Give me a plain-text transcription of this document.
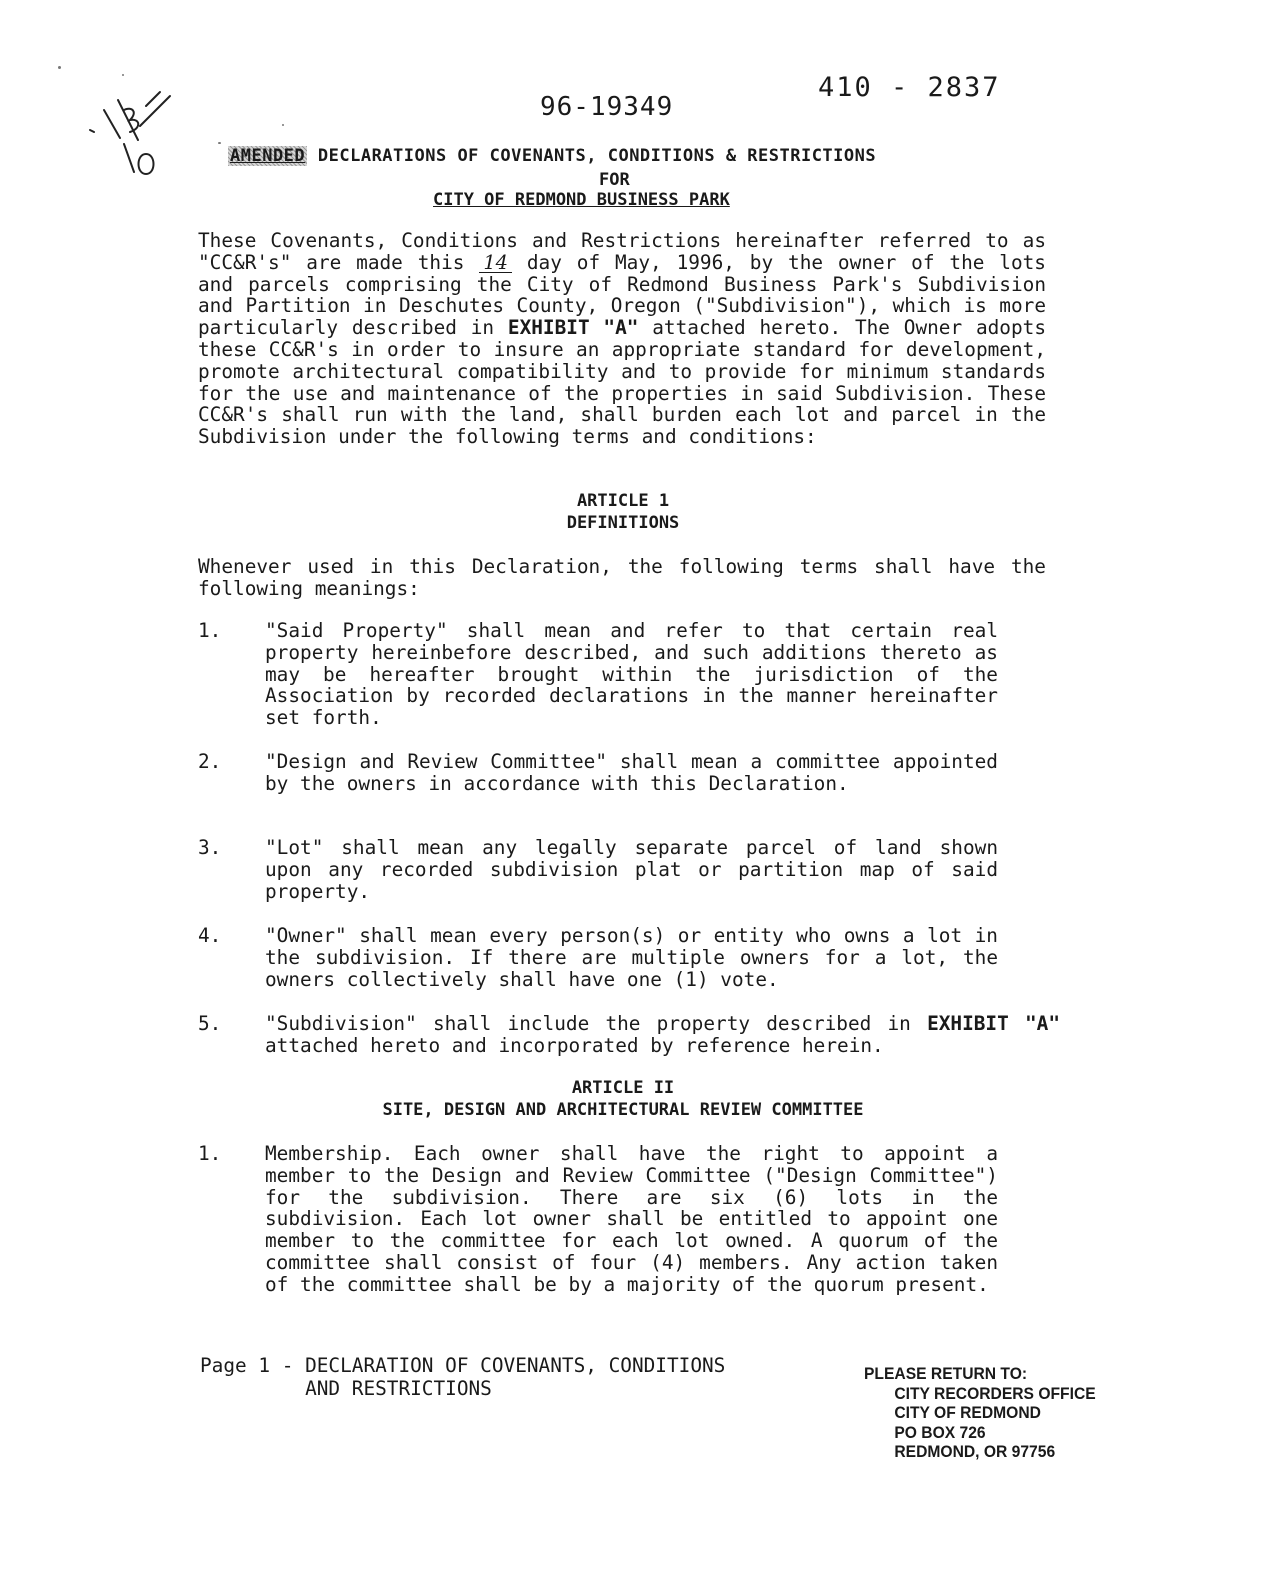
96-19349
410 - 2837
AMENDED DECLARATIONS OF COVENANTS, CONDITIONS & RESTRICTIONS
FOR
CITY OF REDMOND BUSINESS PARK

These Covenants, Conditions and Restrictions hereinafter referred to as "CC&R's" are made this 14 day of May, 1996, by the owner of the lots and parcels comprising the City of Redmond Business Park's Subdivision and Partition in Deschutes County, Oregon ("Subdivision"), which is more particularly described in EXHIBIT "A" attached hereto. The Owner adopts these CC&R's in order to insure an appropriate standard for development, promote architectural compatibility and to provide for minimum standards for the use and maintenance of the properties in said Subdivision. These CC&R's shall run with the land, shall burden each lot and parcel in the Subdivision under the following terms and conditions:

ARTICLE 1
DEFINITIONS

Whenever used in this Declaration, the following terms shall have the following meanings:

1.	"Said Property" shall mean and refer to that certain real property hereinbefore described, and such additions thereto as may be hereafter brought within the jurisdiction of the Association by recorded declarations in the manner hereinafter set forth.
2.	"Design and Review Committee" shall mean a committee appointed by the owners in accordance with this Declaration.
3.	"Lot" shall mean any legally separate parcel of land shown upon any recorded subdivision plat or partition map of said property.
4.	"Owner" shall mean every person(s) or entity who owns a lot in the subdivision. If there are multiple owners for a lot, the owners collectively shall have one (1) vote.
5.	"Subdivision" shall include the property described in EXHIBIT "A" attached hereto and incorporated by reference herein.
ARTICLE II
SITE, DESIGN AND ARCHITECTURAL REVIEW COMMITTEE
1.	Membership. Each owner shall have the right to appoint a member to the Design and Review Committee ("Design Committee") for the subdivision. There are six (6) lots in the subdivision. Each lot owner shall be entitled to appoint one member to the committee for each lot owned. A quorum of the committee shall consist of four (4) members. Any action taken of the committee shall be by a majority of the quorum present.
Page 1 - DECLARATION OF COVENANTS, CONDITIONS
AND RESTRICTIONS
PLEASE RETURN TO:
CITY RECORDERS OFFICE
CITY OF REDMOND
PO BOX 726
REDMOND, OR 97756
